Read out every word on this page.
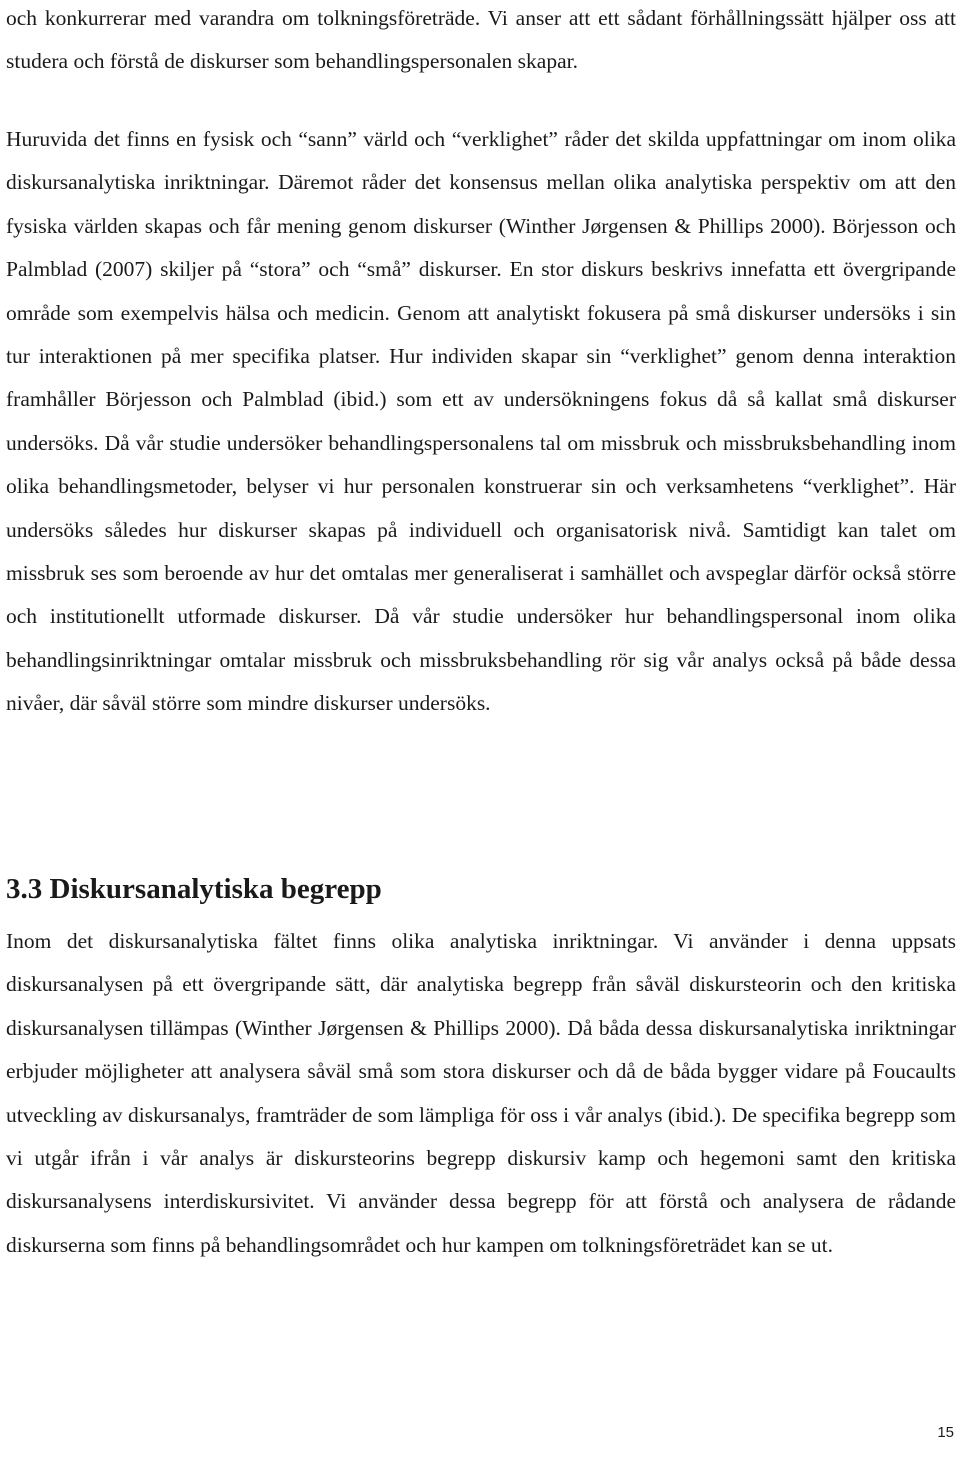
och konkurrerar med varandra om tolkningsföreträde. Vi anser att ett sådant förhållningssätt hjälper oss att studera och förstå de diskurser som behandlingspersonalen skapar.

Huruvida det finns en fysisk och “sann” värld och “verklighet” råder det skilda uppfattningar om inom olika diskursanalytiska inriktningar. Däremot råder det konsensus mellan olika analytiska perspektiv om att den fysiska världen skapas och får mening genom diskurser (Winther Jørgensen & Phillips 2000). Börjesson och Palmblad (2007) skiljer på “stora” och “små” diskurser. En stor diskurs beskrivs innefatta ett övergripande område som exempelvis hälsa och medicin. Genom att analytiskt fokusera på små diskurser undersöks i sin tur interaktionen på mer specifika platser. Hur individen skapar sin “verklighet” genom denna interaktion framhåller Börjesson och Palmblad (ibid.) som ett av undersökningens fokus då så kallat små diskurser undersöks. Då vår studie undersöker behandlingspersonalens tal om missbruk och missbruksbehandling inom olika behandlingsmetoder, belyser vi hur personalen konstruerar sin och verksamhetens “verklighet”. Här undersöks således hur diskurser skapas på individuell och organisatorisk nivå. Samtidigt kan talet om missbruk ses som beroende av hur det omtalas mer generaliserat i samhället och avspeglar därför också större och institutionellt utformade diskurser. Då vår studie undersöker hur behandlingspersonal inom olika behandlingsinriktningar omtalar missbruk och missbruksbehandling rör sig vår analys också på både dessa nivåer, där såväl större som mindre diskurser undersöks.

3.3 Diskursanalytiska begrepp

Inom det diskursanalytiska fältet finns olika analytiska inriktningar. Vi använder i denna uppsats diskursanalysen på ett övergripande sätt, där analytiska begrepp från såväl diskursteorin och den kritiska diskursanalysen tillämpas (Winther Jørgensen & Phillips 2000). Då båda dessa diskursanalytiska inriktningar erbjuder möjligheter att analysera såväl små som stora diskurser och då de båda bygger vidare på Foucaults utveckling av diskursanalys, framträder de som lämpliga för oss i vår analys (ibid.). De specifika begrepp som vi utgår ifrån i vår analys är diskursteorins begrepp diskursiv kamp och hegemoni samt den kritiska diskursanalysens interdiskursivitet. Vi använder dessa begrepp för att förstå och analysera de rådande diskurserna som finns på behandlingsområdet och hur kampen om tolkningsföreträdet kan se ut.

15
